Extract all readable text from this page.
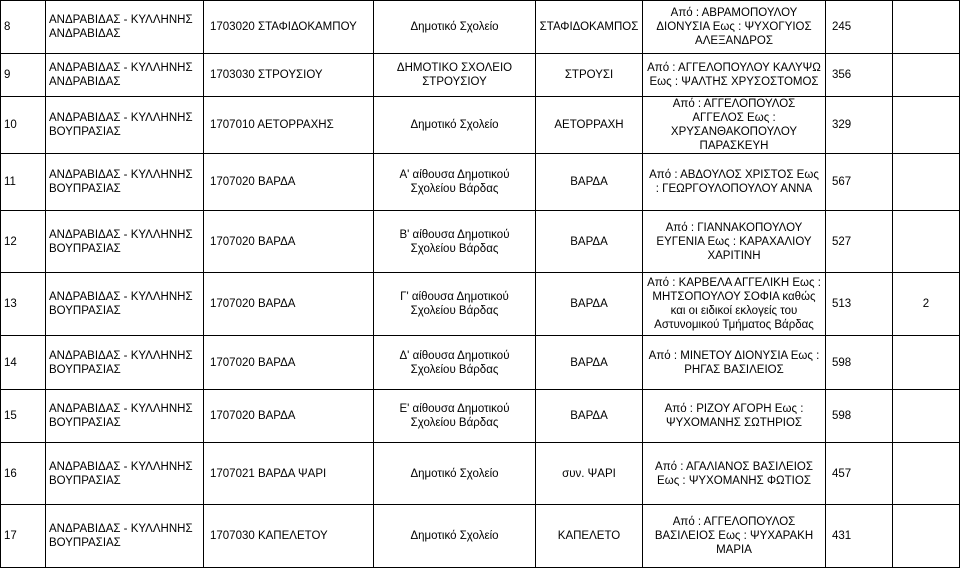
8	ΑΝΔΡΑΒΙΔΑΣ - ΚΥΛΛΗΝΗΣ ΑΝΔΡΑΒΙΔΑΣ	1703020 ΣΤΑΦΙΔΟΚΑΜΠΟΥ	Δημοτικό Σχολείο	ΣΤΑΦΙΔΟΚΑΜΠΟΣ	Από : ΑΒΡΑΜΟΠΟΥΛΟΥ ΔΙΟΝΥΣΙΑ Εως : ΨΥΧΟΓΥΙΟΣ ΑΛΕΞΑΝΔΡΟΣ	245	
9	ΑΝΔΡΑΒΙΔΑΣ - ΚΥΛΛΗΝΗΣ ΑΝΔΡΑΒΙΔΑΣ	1703030 ΣΤΡΟΥΣΙΟΥ	ΔΗΜΟΤΙΚΟ ΣΧΟΛΕΙΟ ΣΤΡΟΥΣΙΟΥ	ΣΤΡΟΥΣΙ	Από : ΑΓΓΕΛΟΠΟΥΛΟΥ ΚΑΛΥΨΩ Εως : ΨΑΛΤΗΣ ΧΡΥΣΟΣΤΟΜΟΣ	356	
10	ΑΝΔΡΑΒΙΔΑΣ - ΚΥΛΛΗΝΗΣ ΒΟΥΠΡΑΣΙΑΣ	1707010 ΑΕΤΟΡΡΑΧΗΣ	Δημοτικό Σχολείο	ΑΕΤΟΡΡΑΧΗ	Από : ΑΓΓΕΛΟΠΟΥΛΟΣ ΑΓΓΕΛΟΣ Εως : ΧΡΥΣΑΝΘΑΚΟΠΟΥΛΟΥ ΠΑΡΑΣΚΕΥΗ	329	
11	ΑΝΔΡΑΒΙΔΑΣ - ΚΥΛΛΗΝΗΣ ΒΟΥΠΡΑΣΙΑΣ	1707020 ΒΑΡΔΑ	Α' αίθουσα Δημοτικού Σχολείου Βάρδας	ΒΑΡΔΑ	Από : ΑΒΔΟΥΛΟΣ ΧΡΙΣΤΟΣ Εως : ΓΕΩΡΓΟΥΛΟΠΟΥΛΟΥ ΑΝΝΑ	567	
12	ΑΝΔΡΑΒΙΔΑΣ - ΚΥΛΛΗΝΗΣ ΒΟΥΠΡΑΣΙΑΣ	1707020 ΒΑΡΔΑ	Β' αίθουσα Δημοτικού Σχολείου Βάρδας	ΒΑΡΔΑ	Από : ΓΙΑΝΝΑΚΟΠΟΥΛΟΥ ΕΥΓΕΝΙΑ Εως : ΚΑΡΑΧΑΛΙΟΥ ΧΑΡΙΤΙΝΗ	527	
13	ΑΝΔΡΑΒΙΔΑΣ - ΚΥΛΛΗΝΗΣ ΒΟΥΠΡΑΣΙΑΣ	1707020 ΒΑΡΔΑ	Γ' αίθουσα Δημοτικού Σχολείου Βάρδας	ΒΑΡΔΑ	Από : ΚΑΡΒΕΛΑ ΑΓΓΕΛΙΚΗ Εως : ΜΗΤΣΟΠΟΥΛΟΥ ΣΟΦΙΑ καθώς και οι ειδικοί εκλογείς του Αστυνομικού Τμήματος Βάρδας	513	2
14	ΑΝΔΡΑΒΙΔΑΣ - ΚΥΛΛΗΝΗΣ ΒΟΥΠΡΑΣΙΑΣ	1707020 ΒΑΡΔΑ	Δ' αίθουσα Δημοτικού Σχολείου Βάρδας	ΒΑΡΔΑ	Από : ΜΙΝΕΤΟΥ ΔΙΟΝΥΣΙΑ Εως : ΡΗΓΑΣ ΒΑΣΙΛΕΙΟΣ	598	
15	ΑΝΔΡΑΒΙΔΑΣ - ΚΥΛΛΗΝΗΣ ΒΟΥΠΡΑΣΙΑΣ	1707020 ΒΑΡΔΑ	Ε' αίθουσα Δημοτικού Σχολείου Βάρδας	ΒΑΡΔΑ	Από : ΡΙΖΟΥ ΑΓΟΡΗ Εως : ΨΥΧΟΜΑΝΗΣ ΣΩΤΗΡΙΟΣ	598	
16	ΑΝΔΡΑΒΙΔΑΣ - ΚΥΛΛΗΝΗΣ ΒΟΥΠΡΑΣΙΑΣ	1707021 ΒΑΡΔΑ ΨΑΡΙ	Δημοτικό Σχολείο	συν. ΨΑΡΙ	Από : ΑΓΑΛΙΑΝΟΣ ΒΑΣΙΛΕΙΟΣ Εως : ΨΥΧΟΜΑΝΗΣ ΦΩΤΙΟΣ	457	
17	ΑΝΔΡΑΒΙΔΑΣ - ΚΥΛΛΗΝΗΣ ΒΟΥΠΡΑΣΙΑΣ	1707030 ΚΑΠΕΛΕΤΟΥ	Δημοτικό Σχολείο	ΚΑΠΕΛΕΤΟ	Από : ΑΓΓΕΛΟΠΟΥΛΟΣ ΒΑΣΙΛΕΙΟΣ Εως : ΨΥΧΑΡΑΚΗ ΜΑΡΙΑ	431	
